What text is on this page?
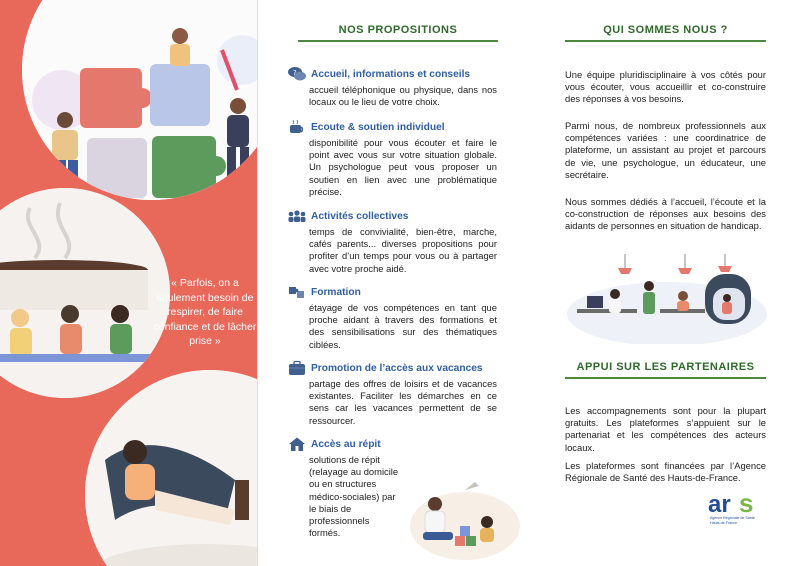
« Parfois, on a seulement besoin de respirer, de faire confiance et de lâcher prise »

NOS PROPOSITIONS
? Accueil, informations et conseils

accueil téléphonique ou physique, dans nos locaux ou le lieu de votre choix.

Ecoute & soutien individuel

disponibilité pour vous écouter et faire le point avec vous sur votre situation globale. Un psychologue peut vous proposer un soutien en lien avec une problématique précise.

Activités collectives

temps de convivialité, bien-être, marche, cafés parents... diverses propositions pour profiter d’un temps pour vous ou à partager avec votre proche aidé.

Formation

étayage de vos compétences en tant que proche aidant à travers des formations et des sensibilisations sur des thématiques ciblées.

Promotion de l’accès aux vacances

partage des offres de loisirs et de vacances existantes. Faciliter les démarches en ce sens car les vacances permettent de se ressourcer.

Accès au répit

solutions de répit (relayage au domicile ou en structures médico-sociales) par le biais de professionnels formés.

QUI SOMMES NOUS ?

Une équipe pluridisciplinaire à vos côtés pour vous écouter, vous accueillir et co-construire des réponses à vos besoins.

Parmi nous, de nombreux professionnels aux compétences variées : une coordinatrice de plateforme, un assistant au projet et parcours de vie, une psychologue, un éducateur, une secrétaire.

Nous sommes dédiés à l’accueil, l’écoute et la co-construction de réponses aux besoins des aidants de personnes en situation de handicap.

APPUI SUR LES PARTENAIRES

Les accompagnements sont pour la plupart gratuits. Les plateformes s’appuient sur le partenariat et les compétences des acteurs locaux.

Les plateformes sont financées par l’Agence Régionale de Santé des Hauts-de-France.

ar s
Agence Régionale de Santé
Hauts-de-France
